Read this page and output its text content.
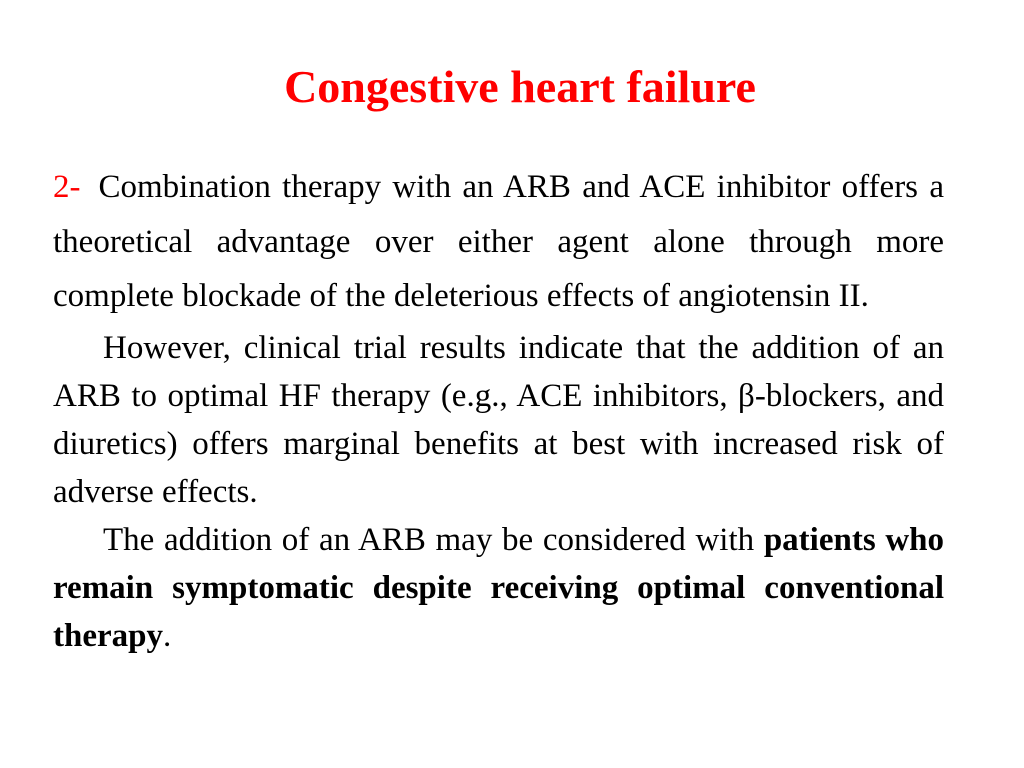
Congestive heart failure

2- Combination therapy with an ARB and ACE inhibitor offers a theoretical advantage over either agent alone through more complete blockade of the deleterious effects of angiotensin II.

However, clinical trial results indicate that the addition of an ARB to optimal HF therapy (e.g., ACE inhibitors, β-blockers, and diuretics) offers marginal benefits at best with increased risk of adverse effects.

The addition of an ARB may be considered with patients who remain symptomatic despite receiving optimal conventional therapy.
